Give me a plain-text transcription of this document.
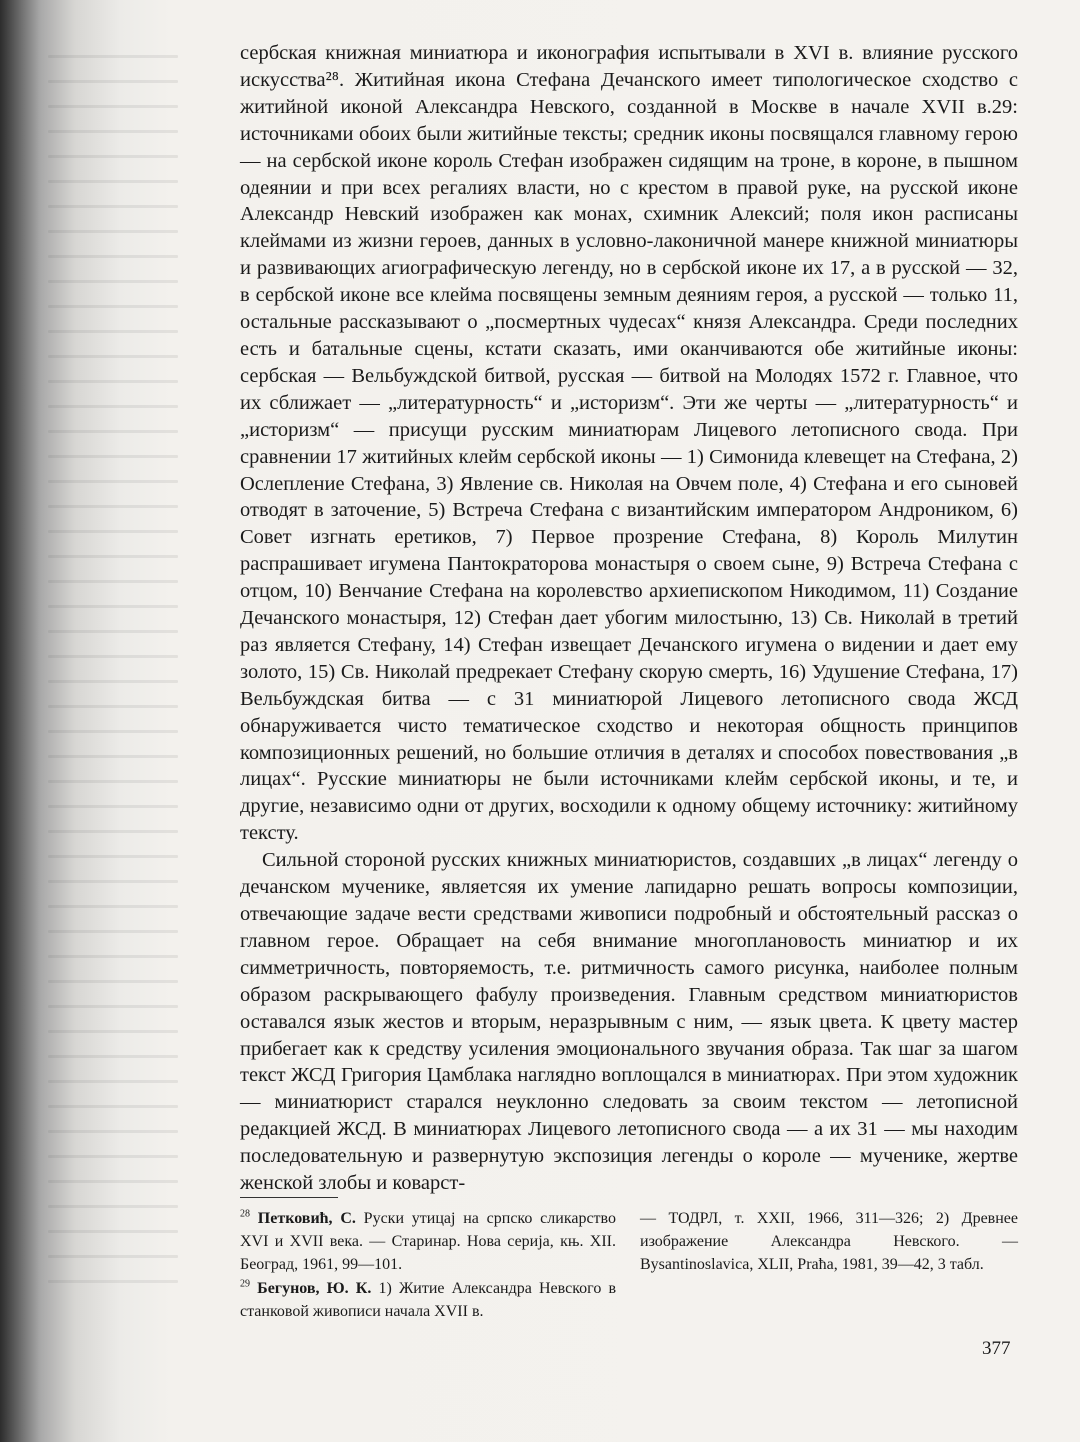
сербская книжная миниатюра и иконография испытывали в XVI в. влияние русского искусства²⁸. Житийная икона Стефана Дечанского имеет типологическое сходство с житийной иконой Александра Невского, созданной в Москве в начале XVII в.29: источниками обоих были житийные тексты; средник иконы посвящался главному герою — на сербской иконе король Стефан изображен сидящим на троне, в короне, в пышном одеянии и при всех регалиях власти, но с крестом в правой руке, на русской иконе Александр Невский изображен как монах, схимник Алексий; поля икон расписаны клеймами из жизни героев, данных в условно-лаконичной манере книжной миниатюры и развивающих агиографическую легенду, но в сербской иконе их 17, а в русской — 32, в сербской иконе все клейма посвящены земным деяниям героя, а русской — только 11, остальные рассказывают о „посмертных чудесах“ князя Александра. Среди последних есть и батальные сцены, кстати сказать, ими оканчиваются обе житийные иконы: сербская — Вельбуждской битвой, русская — битвой на Молодях 1572 г. Главное, что их сближает — „литературность“ и „историзм“. Эти же черты — „литературность“ и „историзм“ — присущи русским миниатюрам Лицевого летописного свода. При сравнении 17 житийных клейм сербской иконы — 1) Симонида клевещет на Стефана, 2) Ослепление Стефана, 3) Явление св. Николая на Овчем поле, 4) Стефана и его сыновей отводят в заточение, 5) Встреча Стефана с византийским императором Андроником, 6) Совет изгнать еретиков, 7) Первое прозрение Стефана, 8) Король Милутин распрашивает игумена Пантократорова монастыря о своем сыне, 9) Встреча Стефана с отцом, 10) Венчание Стефана на королевство архиепископом Никодимом, 11) Создание Дечанского монастыря, 12) Стефан дает убогим милостыню, 13) Св. Николай в третий раз является Стефану, 14) Стефан извещает Дечанского игумена о видении и дает ему золото, 15) Св. Николай предрекает Стефану скорую смерть, 16) Удушение Стефана, 17) Вельбуждская битва — с 31 миниатюрой Лицевого летописного свода ЖСД обнаруживается чисто тематическое сходство и некоторая общность принципов композиционных решений, но большие отличия в деталях и способох повествования „в лицах“. Русские миниатюры не были источниками клейм сербской иконы, и те, и другие, независимо одни от других, восходили к одному общему источнику: житийному тексту.

Сильной стороной русских книжных миниатюристов, создавших „в лицах“ легенду о дечанском мученике, являетсяя их умение лапидарно решать вопросы композиции, отвечающие задаче вести средствами живописи подробный и обстоятельный рассказ о главном герое. Обращает на себя внимание многоплановость миниатюр и их симметричность, повторяемость, т.е. ритмичность самого рисунка, наиболее полным образом раскрывающего фабулу произведения. Главным средством миниатюристов оставался язык жестов и вторым, неразрывным с ним, — язык цвета. К цвету мастер прибегает как к средству усиления эмоционального звучания образа. Так шаг за шагом текст ЖСД Григория Цамблака наглядно воплощался в миниатюрах. При этом художник — миниатюрист старался неуклонно следовать за своим текстом — летописной редакцией ЖСД. В миниатюрах Лицевого летописного свода — а их 31 — мы находим последовательную и развернутую экспозиция легенды о короле — мученике, жертве женской злобы и коварст-

$^{28}$ Петковић, С. Руски утицај на српско сликарство XVI и XVII века. — Старинар. Нова серија, књ. XII. Београд, 1961, 99—101.

$^{29}$ Бегунов, Ю. К. 1) Житие Александра Невского в станковой живописи начала XVII в.

— ТОДРЛ, т. XXII, 1966, 311—326; 2) Древнее изображение Александра Невского. — Bysantinoslavica, XLII, Praћa, 1981, 39—42, 3 табл.

377
